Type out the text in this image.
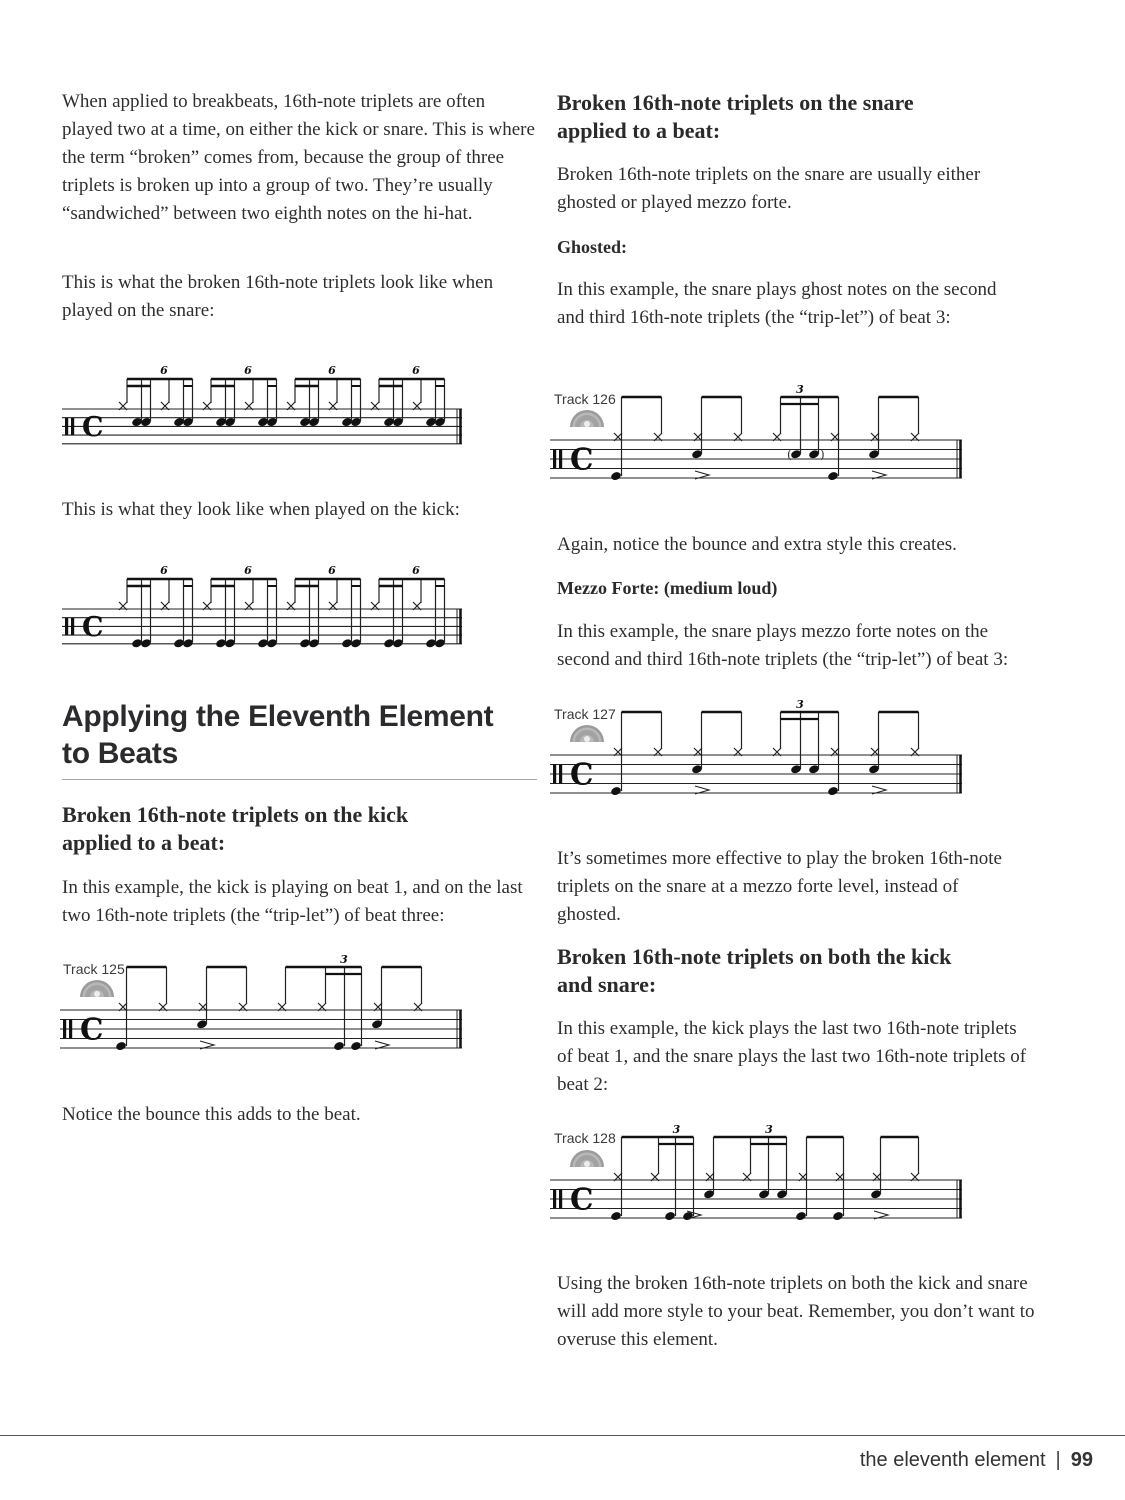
When applied to breakbeats, 16th-note triplets are often played two at a time, on either the kick or snare. This is where the term “broken” comes from, because the group of three triplets is broken up into a group of two. They’re usually “sandwiched” between two eighth notes on the hi-hat.

This is what the broken 16th-note triplets look like when played on the snare:

C
6	6	6	6

This is what they look like when played on the kick:

C
6	6	6	6
Applying the Eleventh Element
to Beats
Broken 16th-note triplets on the kick
applied to a beat:

In this example, the kick is playing on beat 1, and on the last two 16th-note triplets (the “trip-let”) of beat three:

Track 125
C
3

Notice the bounce this adds to the beat.

Broken 16th-note triplets on the snare
applied to a beat:

Broken 16th-note triplets on the snare are usually either ghosted or played mezzo forte.

Ghosted:

In this example, the snare plays ghost notes on the second and third 16th-note triplets (the “trip-let”) of beat 3:

Track 126
C	( )
3

Again, notice the bounce and extra style this creates.

Mezzo Forte: (medium loud)

In this example, the snare plays mezzo forte notes on the second and third 16th-note triplets (the “trip-let”) of beat 3:

Track 127
C
3

It’s sometimes more effective to play the broken 16th-note triplets on the snare at a mezzo forte level, instead of ghosted.

Broken 16th-note triplets on both the kick
and snare:

In this example, the kick plays the last two 16th-note triplets of beat 1, and the snare plays the last two 16th-note triplets of beat 2:

Track 128
C
3	3

Using the broken 16th-note triplets on both the kick and snare will add more style to your beat. Remember, you don’t want to overuse this element.

the eleventh element | 99
